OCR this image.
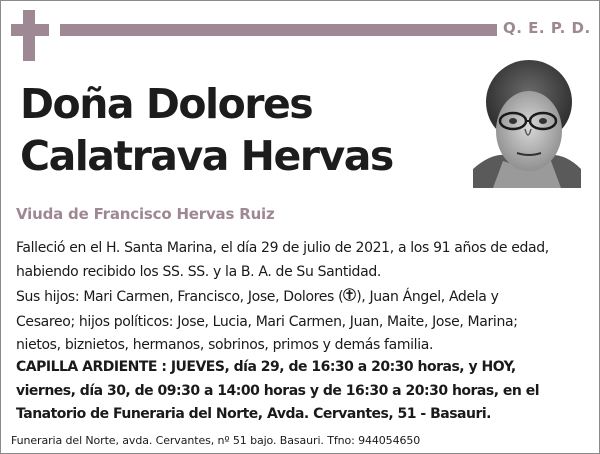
Q. E. P. D.
Doña Dolores
Calatrava Hervas
Viuda de Francisco Hervas Ruiz
Falleció en el H. Santa Marina, el día 29 de julio de 2021, a los 91 años de edad,
habiendo recibido los SS. SS. y la B. A. de Su Santidad.
Sus hijos: Mari Carmen, Francisco, Jose, Dolores ( ), Juan Ángel, Adela y
Cesareo; hijos políticos: Jose, Lucia, Mari Carmen, Juan, Maite, Jose, Marina;
nietos, biznietos, hermanos, sobrinos, primos y demás familia.
CAPILLA ARDIENTE : JUEVES, día 29, de 16:30 a 20:30 horas, y HOY,
viernes, día 30, de 09:30 a 14:00 horas y de 16:30 a 20:30 horas, en el
Tanatorio de Funeraria del Norte, Avda. Cervantes, 51 - Basauri.
Funeraria del Norte, avda. Cervantes, nº 51 bajo. Basauri. Tfno: 944054650
